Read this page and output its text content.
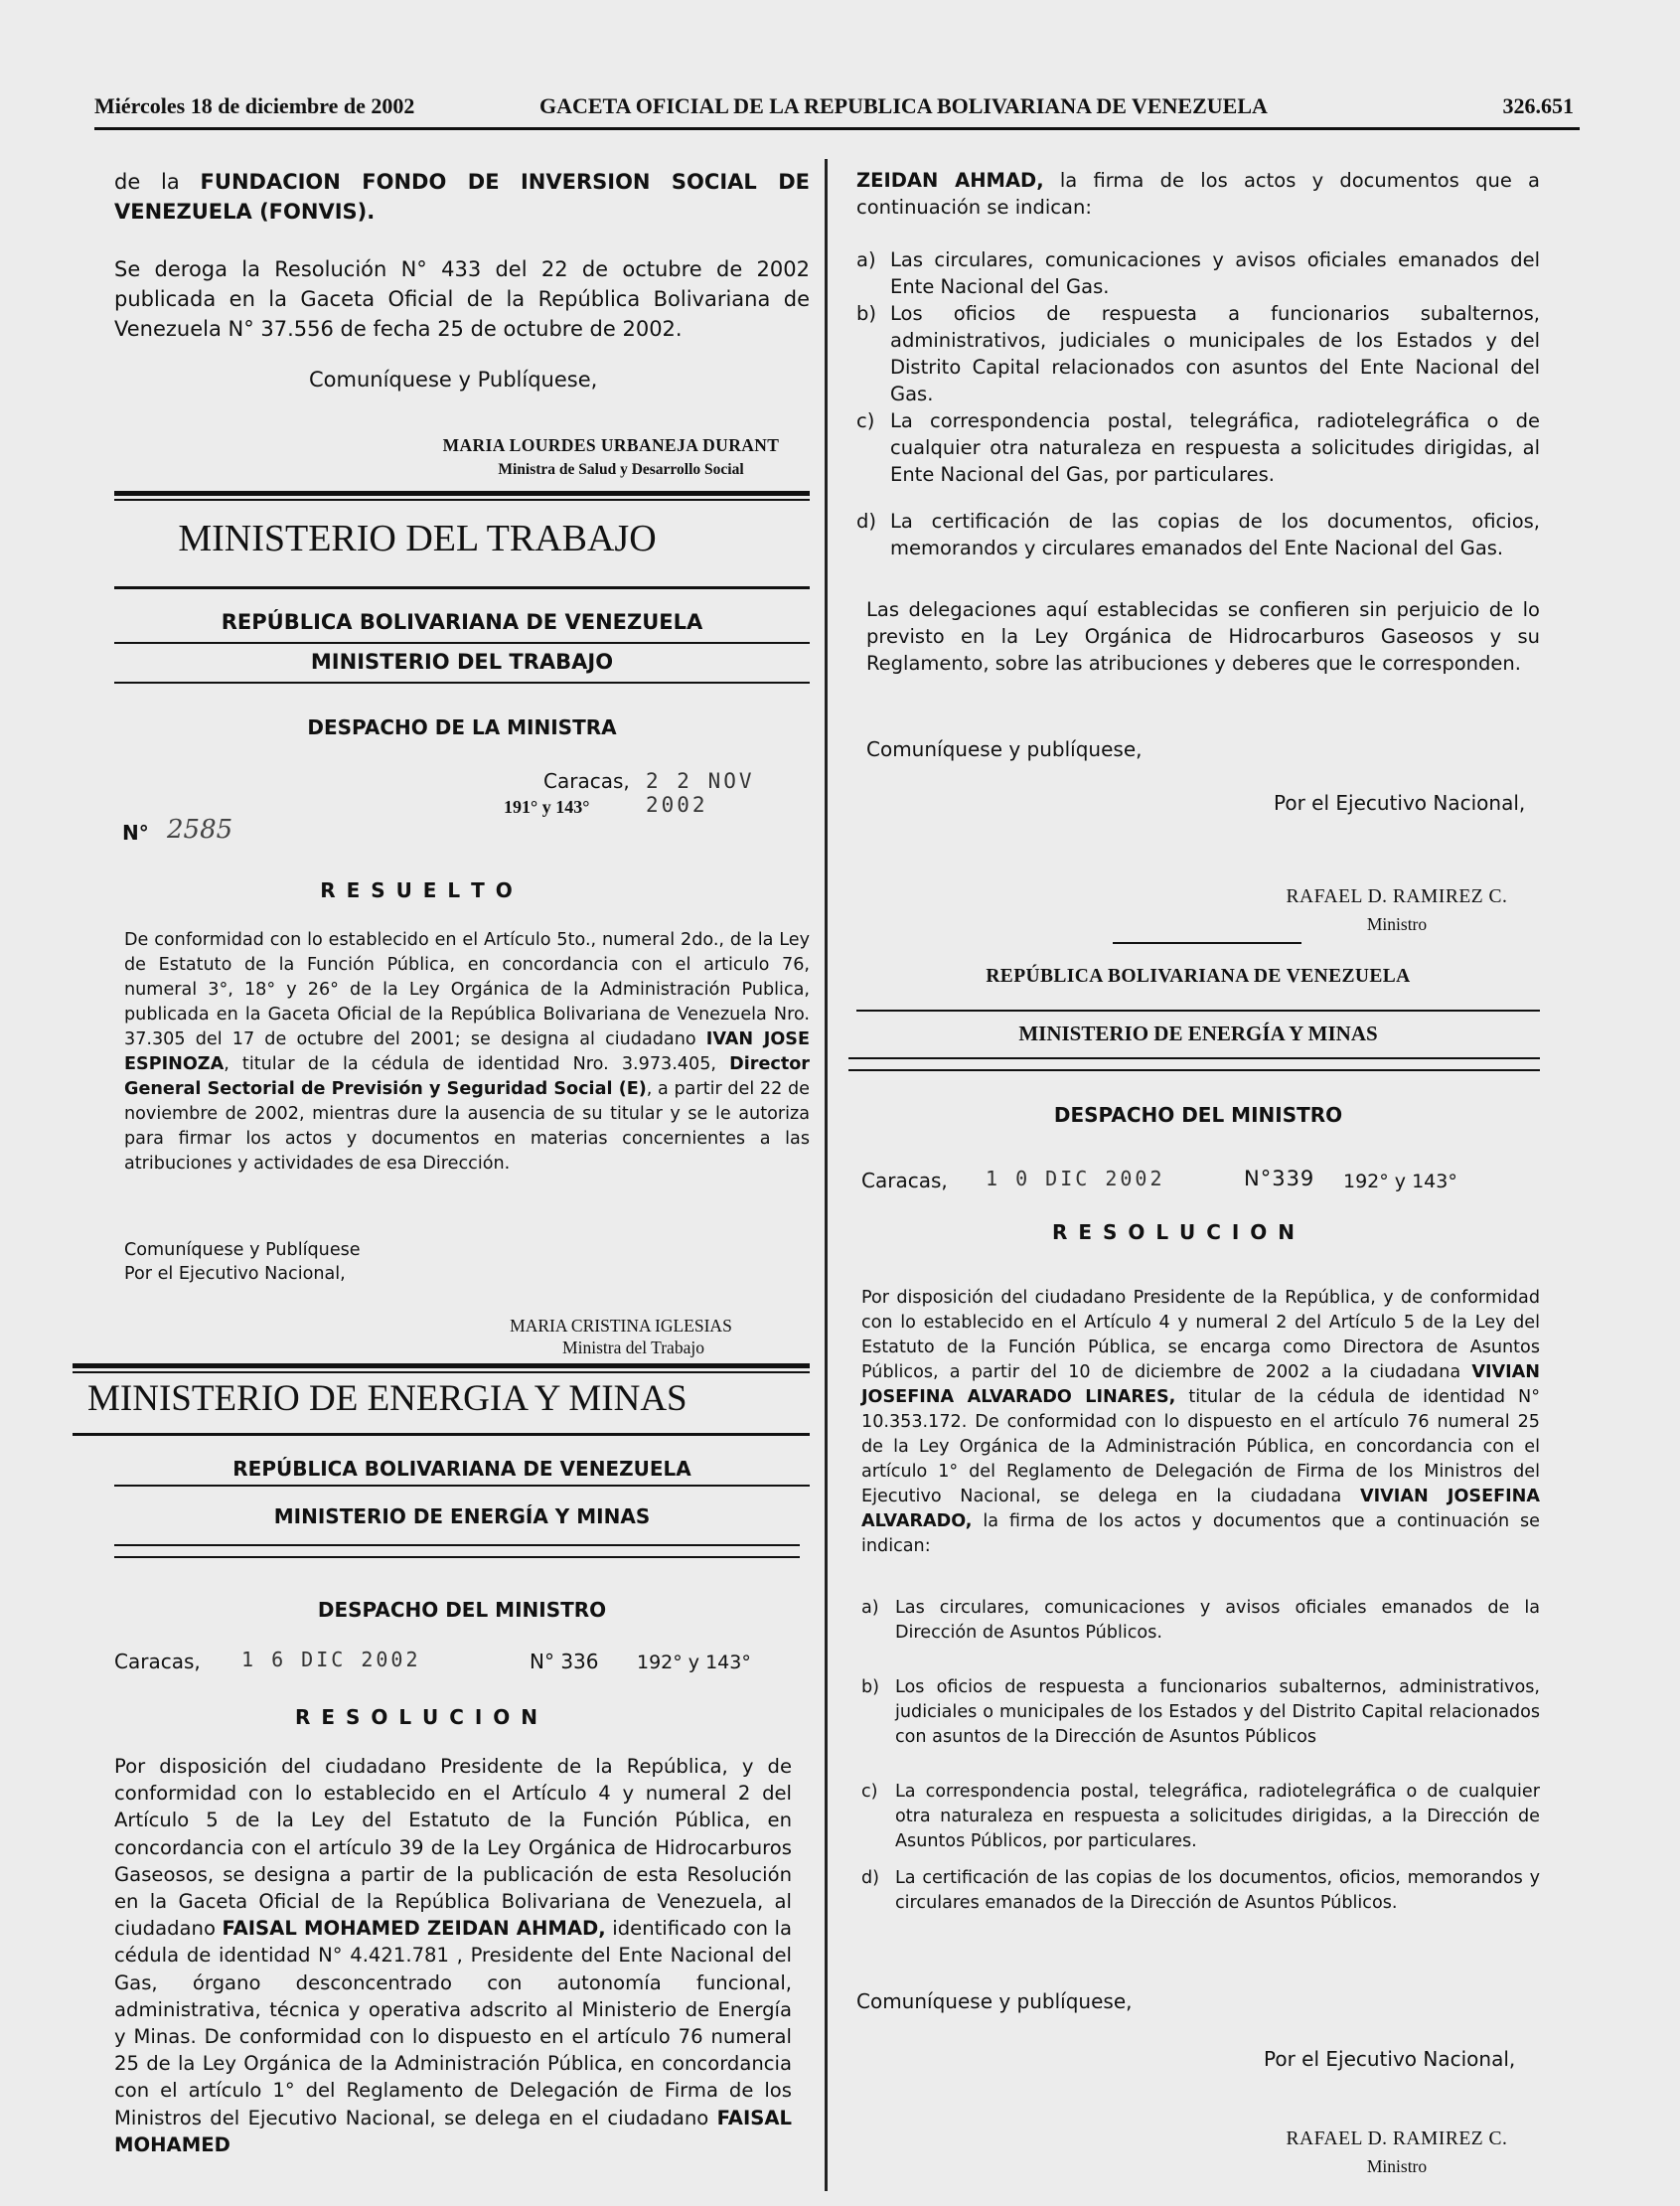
Miércoles 18 de diciembre de 2002	GACETA OFICIAL DE LA REPUBLICA BOLIVARIANA DE VENEZUELA	326.651

de la FUNDACION FONDO DE INVERSION SOCIAL DE VENEZUELA (FONVIS).

Se deroga la Resolución N° 433 del 22 de octubre de 2002 publicada en la Gaceta Oficial de la República Bolivariana de Venezuela N° 37.556 de fecha 25 de octubre de 2002.

Comuníquese y Publíquese,
MARIA LOURDES URBANEJA DURANT
Ministra de Salud y Desarrollo Social
MINISTERIO DEL TRABAJO
REPÚBLICA BOLIVARIANA DE VENEZUELA
MINISTERIO DEL TRABAJO
DESPACHO DE LA MINISTRA
Caracas, 2 2 NOV 2002
191° y 143°
N° 2585
R E S U E L T O

De conformidad con lo establecido en el Artículo 5to., numeral 2do., de la Ley de Estatuto de la Función Pública, en concordancia con el articulo 76, numeral 3°, 18° y 26° de la Ley Orgánica de la Administración Publica, publicada en la Gaceta Oficial de la República Bolivariana de Venezuela Nro. 37.305 del 17 de octubre del 2001; se designa al ciudadano IVAN JOSE ESPINOZA, titular de la cédula de identidad Nro. 3.973.405, Director General Sectorial de Previsión y Seguridad Social (E), a partir del 22 de noviembre de 2002, mientras dure la ausencia de su titular y se le autoriza para firmar los actos y documentos en materias concernientes a las atribuciones y actividades de esa Dirección.

Comuníquese y Publíquese
Por el Ejecutivo Nacional,
MARIA CRISTINA IGLESIAS
Ministra del Trabajo
MINISTERIO DE ENERGIA Y MINAS
REPÚBLICA BOLIVARIANA DE VENEZUELA
MINISTERIO DE ENERGÍA Y MINAS
DESPACHO DEL MINISTRO
Caracas, 1 6 DIC 2002	N° 336 192° y 143°
R E S O L U C I O N

Por disposición del ciudadano Presidente de la República, y de conformidad con lo establecido en el Artículo 4 y numeral 2 del Artículo 5 de la Ley del Estatuto de la Función Pública, en concordancia con el artículo 39 de la Ley Orgánica de Hidrocarburos Gaseosos, se designa a partir de la publicación de esta Resolución en la Gaceta Oficial de la República Bolivariana de Venezuela, al ciudadano FAISAL MOHAMED ZEIDAN AHMAD, identificado con la cédula de identidad N° 4.421.781 , Presidente del Ente Nacional del Gas, órgano desconcentrado con autonomía funcional, administrativa, técnica y operativa adscrito al Ministerio de Energía y Minas. De conformidad con lo dispuesto en el artículo 76 numeral 25 de la Ley Orgánica de la Administración Pública, en concordancia con el artículo 1° del Reglamento de Delegación de Firma de los Ministros del Ejecutivo Nacional, se delega en el ciudadano FAISAL MOHAMED

ZEIDAN AHMAD, la firma de los actos y documentos que a continuación se indican:

a) Las circulares, comunicaciones y avisos oficiales emanados del Ente Nacional del Gas.
b) Los oficios de respuesta a funcionarios subalternos, administrativos, judiciales o municipales de los Estados y del Distrito Capital relacionados con asuntos del Ente Nacional del Gas.
c) La correspondencia postal, telegráfica, radiotelegráfica o de cualquier otra naturaleza en respuesta a solicitudes dirigidas, al Ente Nacional del Gas, por particulares.
d) La certificación de las copias de los documentos, oficios, memorandos y circulares emanados del Ente Nacional del Gas.

Las delegaciones aquí establecidas se confieren sin perjuicio de lo previsto en la Ley Orgánica de Hidrocarburos Gaseosos y su Reglamento, sobre las atribuciones y deberes que le corresponden.

Comuníquese y publíquese,
Por el Ejecutivo Nacional,
RAFAEL D. RAMIREZ C.
Ministro
REPÚBLICA BOLIVARIANA DE VENEZUELA
MINISTERIO DE ENERGÍA Y MINAS
DESPACHO DEL MINISTRO
Caracas, 1 0 DIC 2002	N°339 192° y 143°
R E S O L U C I O N

Por disposición del ciudadano Presidente de la República, y de conformidad con lo establecido en el Artículo 4 y numeral 2 del Artículo 5 de la Ley del Estatuto de la Función Pública, se encarga como Directora de Asuntos Públicos, a partir del 10 de diciembre de 2002 a la ciudadana VIVIAN JOSEFINA ALVARADO LINARES, titular de la cédula de identidad N° 10.353.172. De conformidad con lo dispuesto en el artículo 76 numeral 25 de la Ley Orgánica de la Administración Pública, en concordancia con el artículo 1° del Reglamento de Delegación de Firma de los Ministros del Ejecutivo Nacional, se delega en la ciudadana VIVIAN JOSEFINA ALVARADO, la firma de los actos y documentos que a continuación se indican:

a) Las circulares, comunicaciones y avisos oficiales emanados de la Dirección de Asuntos Públicos.
b) Los oficios de respuesta a funcionarios subalternos, administrativos, judiciales o municipales de los Estados y del Distrito Capital relacionados con asuntos de la Dirección de Asuntos Públicos
c) La correspondencia postal, telegráfica, radiotelegráfica o de cualquier otra naturaleza en respuesta a solicitudes dirigidas, a la Dirección de Asuntos Públicos, por particulares.
d) La certificación de las copias de los documentos, oficios, memorandos y circulares emanados de la Dirección de Asuntos Públicos.
Comuníquese y publíquese,
Por el Ejecutivo Nacional,
RAFAEL D. RAMIREZ C.
Ministro
